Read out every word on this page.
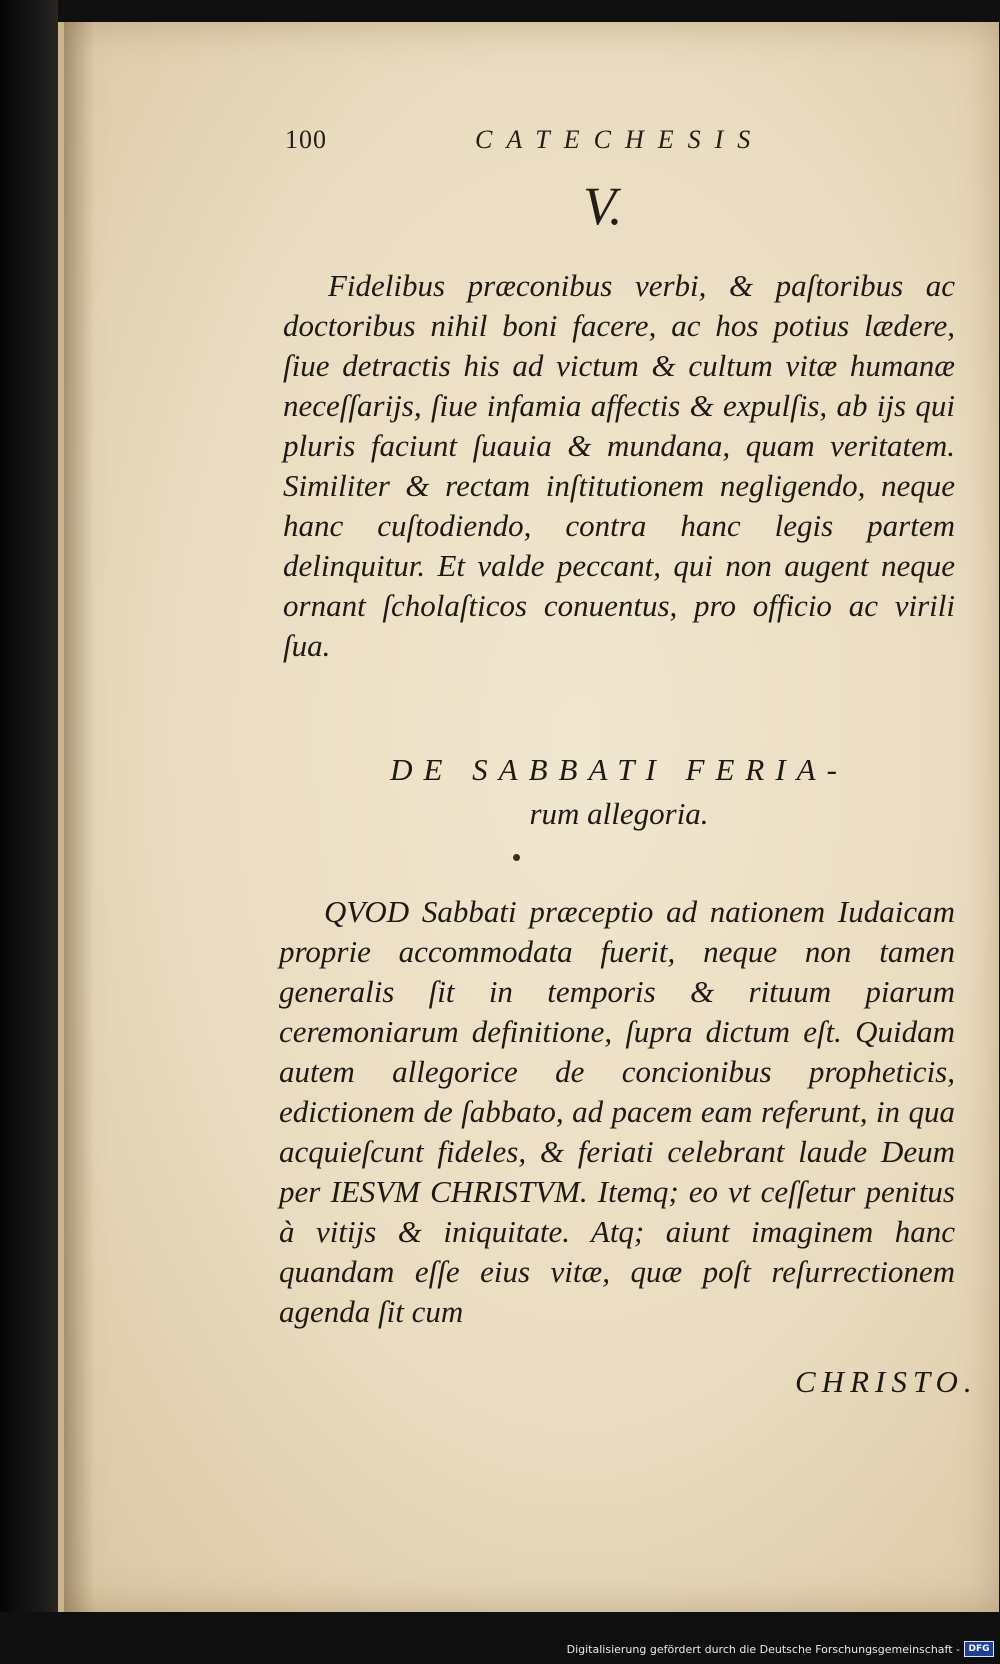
100	CATECHESIS
V.
Fidelibus præconibus verbi, & paſtoribus ac doctoribus nihil boni facere, ac hos potius lædere, ſiue detractis his ad victum & cultum vitæ humanæ neceſſarijs, ſiue infamia affectis & expulſis, ab ijs qui pluris faciunt ſuauia & mundana, quam veritatem. Similiter & rectam inſtitutionem negligendo, neque hanc cuſtodiendo, contra hanc legis partem delinquitur. Et valde peccant, qui non augent neque ornant ſcholaſticos conuentus, pro officio ac virili ſua.
DE SABBATI FERIA-
rum allegoria.
QVOD Sabbati præceptio ad nationem Iudaicam proprie accommodata fuerit, neque non tamen generalis ſit in temporis & rituum piarum ceremoniarum definitione, ſupra dictum eſt. Quidam autem allegorice de concionibus propheticis, edictionem de ſabbato, ad pacem eam referunt, in qua acquieſcunt fideles, & feriati celebrant laude Deum per IESVM CHRISTVM. Itemq; eo vt ceſſetur penitus à vitijs & iniquitate. Atq; aiunt imaginem hanc quandam eſſe eius vitæ, quæ poſt reſurrectionem agenda ſit cum
CHRISTO.
Digitalisierung gefördert durch die Deutsche Forschungsgemeinschaft - DFG
